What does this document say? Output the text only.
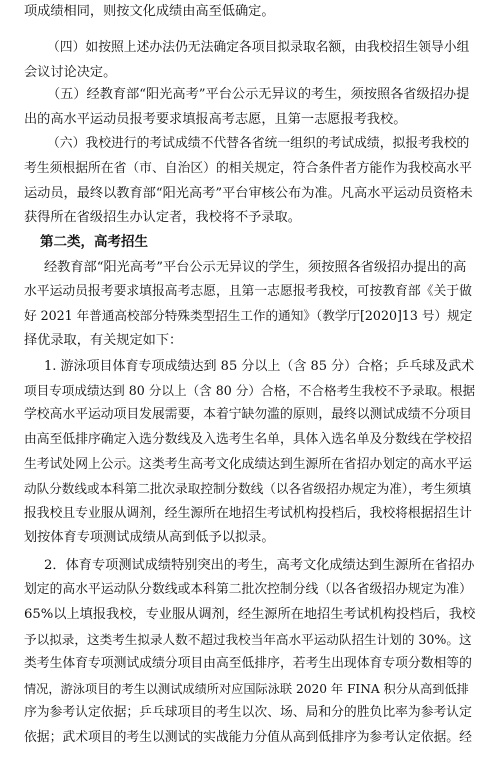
项成绩相同，则按文化成绩由高至低确定。
（四）如按照上述办法仍无法确定各项目拟录取名额，由我校招生领导小组
会议讨论决定。
（五）经教育部“阳光高考”平台公示无异议的考生，须按照各省级招办提
出的高水平运动员报考要求填报高考志愿，且第一志愿报考我校。
（六）我校进行的考试成绩不代替各省统一组织的考试成绩，拟报考我校的
考生须根据所在省（市、自治区）的相关规定，符合条件者方能作为我校高水平
运动员，最终以教育部“阳光高考”平台审核公布为准。凡高水平运动员资格未
获得所在省级招生办认定者，我校将不予录取。
第二类，高考招生
经教育部“阳光高考”平台公示无异议的学生，须按照各省级招办提出的高
水平运动员报考要求填报高考志愿，且第一志愿报考我校，可按教育部《关于做
好 2021 年普通高校部分特殊类型招生工作的通知》（教学厅[2020]13 号）规定
择优录取，有关规定如下：
1. 游泳项目体育专项成绩达到 85 分以上（含 85 分）合格；乒乓球及武术
项目专项成绩达到 80 分以上（含 80 分）合格，不合格考生我校不予录取。根据
学校高水平运动项目发展需要，本着宁缺勿滥的原则，最终以测试成绩不分项目
由高至低排序确定入选分数线及入选考生名单，具体入选名单及分数线在学校招
生考试处网上公示。这类考生高考文化成绩达到生源所在省招办划定的高水平运
动队分数线或本科第二批次录取控制分数线（以各省级招办规定为准），考生须填
报我校且专业服从调剂，经生源所在地招生考试机构投档后，我校将根据招生计
划按体育专项测试成绩从高到低予以拟录。
2．体育专项测试成绩特别突出的考生，高考文化成绩达到生源所在省招办
划定的高水平运动队分数线或本科第二批次控制分线（以各省级招办规定为准）
65%以上填报我校，专业服从调剂，经生源所在地招生考试机构投档后，我校
予以拟录，这类考生拟录人数不超过我校当年高水平运动队招生计划的 30%。这
类考生体育专项测试成绩分项目由高至低排序，若考生出现体育专项分数相等的
情况，游泳项目的考生以测试成绩所对应国际泳联 2020 年 FINA 积分从高到低排
序为参考认定依据；乒乓球项目的考生以次、场、局和分的胜负比率为参考认定
依据；武术项目的考生以测试的实战能力分值从高到低排序为参考认定依据。经
